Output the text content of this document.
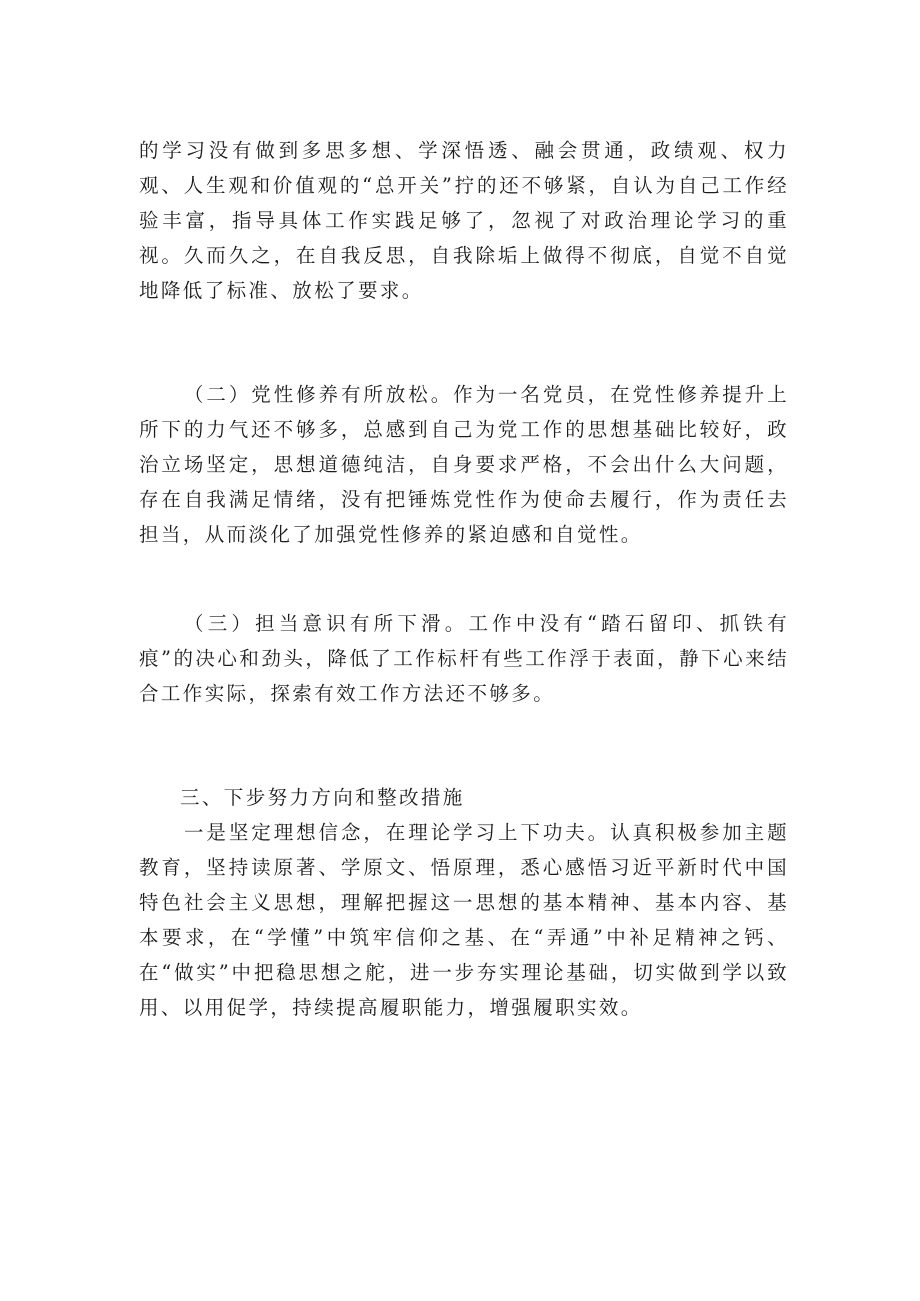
的学习没有做到多思多想、学深悟透、融会贯通，政绩观、权力观、人生观和价值观的“总开关”拧的还不够紧，自认为自己工作经验丰富，指导具体工作实践足够了，忽视了对政治理论学习的重视。久而久之，在自我反思，自我除垢上做得不彻底，自觉不自觉地降低了标准、放松了要求。

（二）党性修养有所放松。作为一名党员，在党性修养提升上所下的力气还不够多，总感到自己为党工作的思想基础比较好，政治立场坚定，思想道德纯洁，自身要求严格，不会出什么大问题，存在自我满足情绪，没有把锤炼党性作为使命去履行，作为责任去担当，从而淡化了加强党性修养的紧迫感和自觉性。

（三）担当意识有所下滑。工作中没有“踏石留印、抓铁有痕”的决心和劲头，降低了工作标杆有些工作浮于表面，静下心来结合工作实际，探索有效工作方法还不够多。

三、下步努力方向和整改措施

一是坚定理想信念，在理论学习上下功夫。认真积极参加主题教育，坚持读原著、学原文、悟原理，悉心感悟习近平新时代中国特色社会主义思想，理解把握这一思想的基本精神、基本内容、基本要求，在“学懂”中筑牢信仰之基、在“弄通”中补足精神之钙、在“做实”中把稳思想之舵，进一步夯实理论基础，切实做到学以致用、以用促学，持续提高履职能力，增强履职实效。
